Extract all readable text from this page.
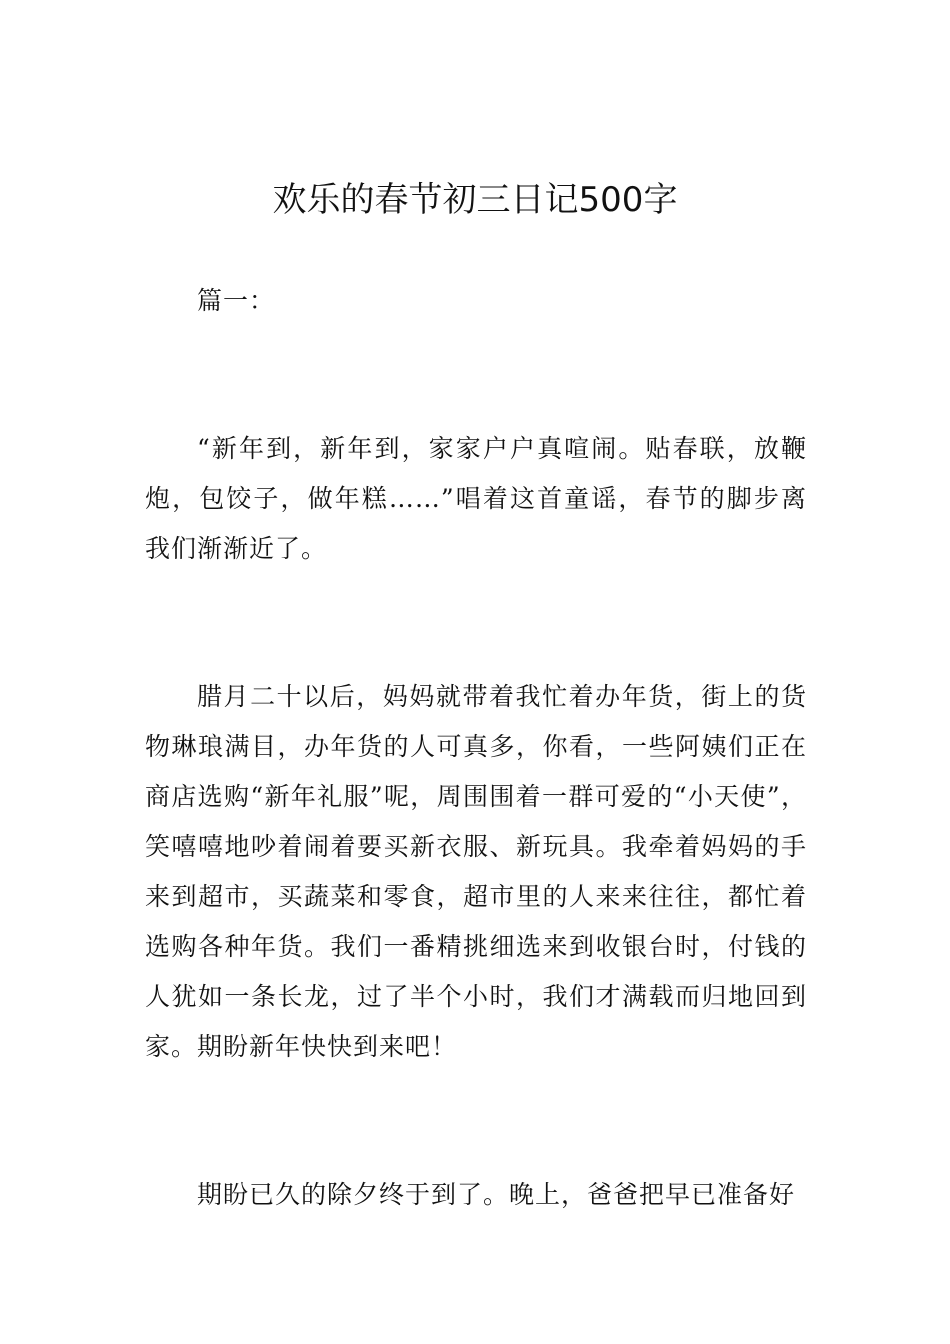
欢乐的春节初三日记500字

篇一：

“新年到，新年到，家家户户真喧闹。贴春联，放鞭炮，包饺子，做年糕……”唱着这首童谣，春节的脚步离我们渐渐近了。

腊月二十以后，妈妈就带着我忙着办年货，街上的货物琳琅满目，办年货的人可真多，你看，一些阿姨们正在商店选购“新年礼服”呢，周围围着一群可爱的“小天使”，笑嘻嘻地吵着闹着要买新衣服、新玩具。我牵着妈妈的手来到超市，买蔬菜和零食，超市里的人来来往往，都忙着选购各种年货。我们一番精挑细选来到收银台时，付钱的人犹如一条长龙，过了半个小时，我们才满载而归地回到家。期盼新年快快到来吧！

期盼已久的除夕终于到了。晚上，爸爸把早已准备好
